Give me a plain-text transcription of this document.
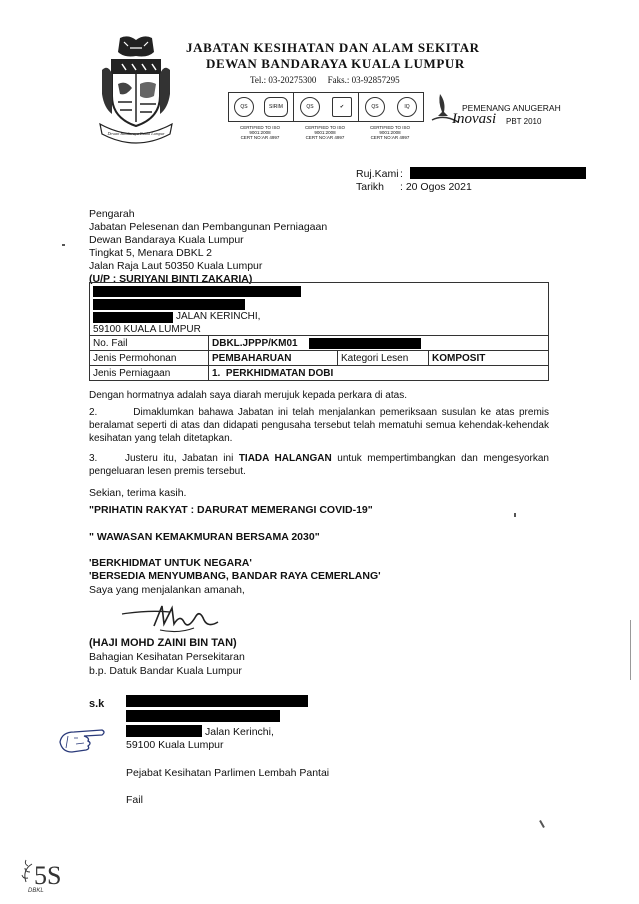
Dewan Bandaraya Kuala Lumpur
JABATAN KESIHATAN DAN ALAM SEKITAR
DEWAN BANDARAYA KUALA LUMPUR
Tel.: 03-20275300 Faks.: 03-92857295
QS	SIRIM	QS	✔	QS	IQ
CERTIFIED TO ISO 9001:2008
CERT NO:AR 4997
CERTIFIED TO ISO 9001:2008
CERT NO:AR 4997
CERTIFIED TO ISO 9001:2008
CERT NO:AR 4997
PEMENANG ANUGERAH
Inovasi PBT 2010
Ruj.Kami :
Tarikh : 20 Ogos 2021
Pengarah
Jabatan Pelesenan dan Pembangunan Perniagaan
Dewan Bandaraya Kuala Lumpur
Tingkat 5, Menara DBKL 2
Jalan Raja Laut 50350 Kuala Lumpur
(U/P : SURIYANI BINTI ZAKARIA)
JALAN KERINCHI,
59100 KUALA LUMPUR			

No. Fail	DBKL.JPPP/KM01		

Jenis Permohonan	PEMBAHARUAN	Kategori Lesen	KOMPOSIT
Jenis Perniagaan	1.  PERKHIDMATAN DOBI		
Dengan hormatnya adalah saya diarah merujuk kepada perkara di atas.
2.	Dimaklumkan bahawa Jabatan ini telah menjalankan pemeriksaan susulan ke atas premis beralamat seperti di atas dan didapati pengusaha tersebut telah mematuhi semua kehendak-kehendak kesihatan yang telah ditetapkan.
3.	Justeru itu, Jabatan ini TIADA HALANGAN untuk mempertimbangkan dan mengesyorkan pengeluaran lesen premis tersebut.
Sekian, terima kasih.
"PRIHATIN RAKYAT : DARURAT MEMERANGI COVID-19"
" WAWASAN KEMAKMURAN BERSAMA 2030"
'BERKHIDMAT UNTUK NEGARA'
'BERSEDIA MENYUMBANG, BANDAR RAYA CEMERLANG'
Saya yang menjalankan amanah,
(HAJI MOHD ZAINI BIN TAN)
Bahagian Kesihatan Persekitaran
b.p. Datuk Bandar Kuala Lumpur
s.k
Jalan Kerinchi,
59100 Kuala Lumpur
Pejabat Kesihatan Parlimen Lembah Pantai
Fail
5S
DBKL
